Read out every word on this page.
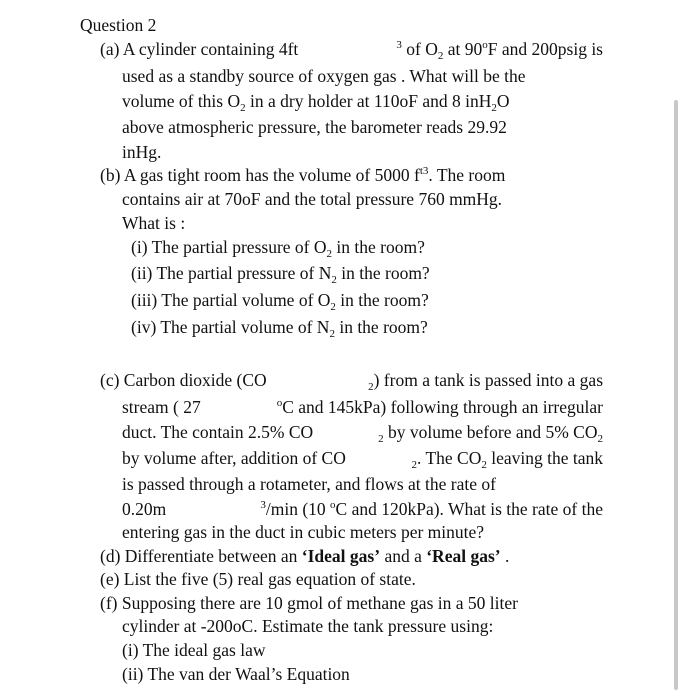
Question 2
(a) A cylinder containing 4ft	$^3$ of $O_2$ at 90$^o$F and 200psig is
used as a standby source of oxygen gas . What will be the
volume of this $O_2$ in a dry holder at 110oF and 8 inH$_2$O
above atmospheric pressure, the barometer reads 29.92
inHg.
(b) A gas tight room has the volume of 5000 $f^{t3}$. The room
contains air at 70oF and the total pressure 760 mmHg.
What is :
(i) The partial pressure of $O_2$ in the room?
(ii) The partial pressure of $N_2$ in the room?
(iii) The partial volume of $O_2$ in the room?
(iv) The partial volume of $N_2$ in the room?
(c) Carbon dioxide (CO	$_2$) from a tank is passed into a gas
stream ( 27	$^o$C and 145kPa) following through an irregular
duct. The contain 2.5% CO	$_2$ by volume before and 5% $CO_2$
by volume after, addition of CO	$_2$. The $CO_2$ leaving the tank
is passed through a rotameter, and flows at the rate of
0.20m	$^3$/min (10 $^o$C and 120kPa). What is the rate of the
entering gas in the duct in cubic meters per minute?
(d) Differentiate between an ‘Ideal gas’ and a ‘Real gas’ .
(e) List the five (5) real gas equation of state.
(f) Supposing there are 10 gmol of methane gas in a 50 liter
cylinder at -200oC. Estimate the tank pressure using:
(i) The ideal gas law
(ii) The van der Waal’s Equation
